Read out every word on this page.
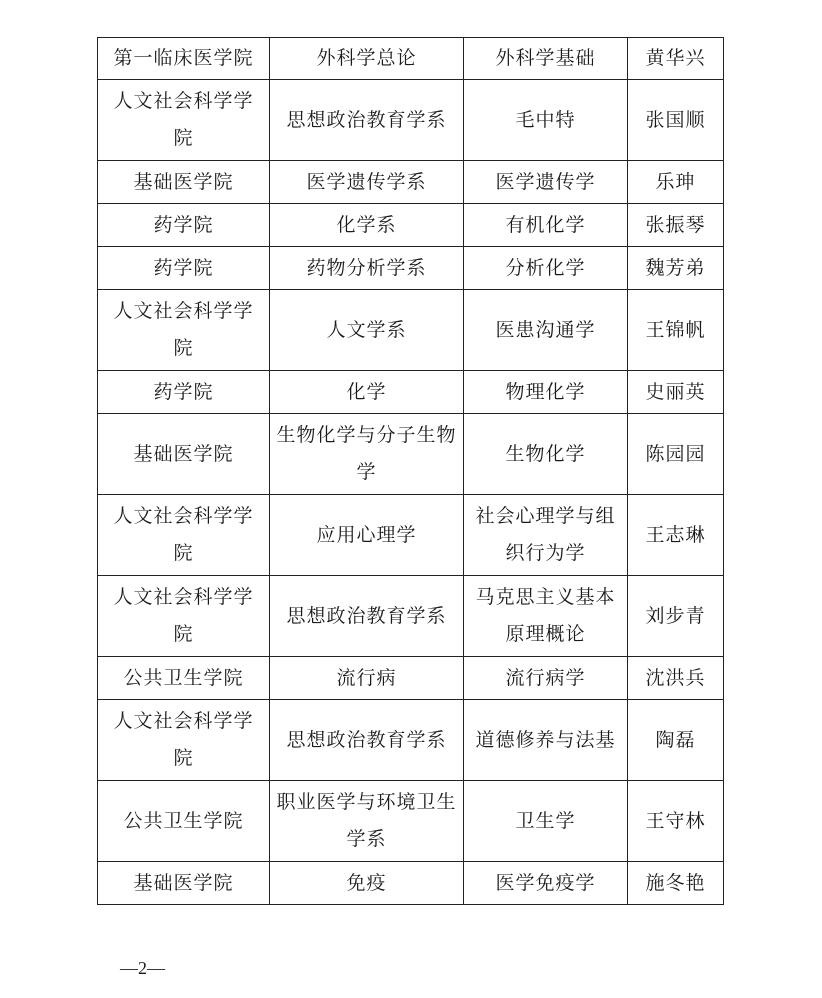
第一临床医学院	外科学总论	外科学基础	黄华兴
人文社会科学学院	思想政治教育学系	毛中特	张国顺
基础医学院	医学遗传学系	医学遗传学	乐珅
药学院	化学系	有机化学	张振琴
药学院	药物分析学系	分析化学	魏芳弟
人文社会科学学院	人文学系	医患沟通学	王锦帆
药学院	化学	物理化学	史丽英
基础医学院	生物化学与分子生物学	生物化学	陈园园
人文社会科学学院	应用心理学	社会心理学与组织行为学	王志琳
人文社会科学学院	思想政治教育学系	马克思主义基本原理概论	刘步青
公共卫生学院	流行病	流行病学	沈洪兵
人文社会科学学院	思想政治教育学系	道德修养与法基	陶磊
公共卫生学院	职业医学与环境卫生学系	卫生学	王守林
基础医学院	免疫	医学免疫学	施冬艳
—2—
